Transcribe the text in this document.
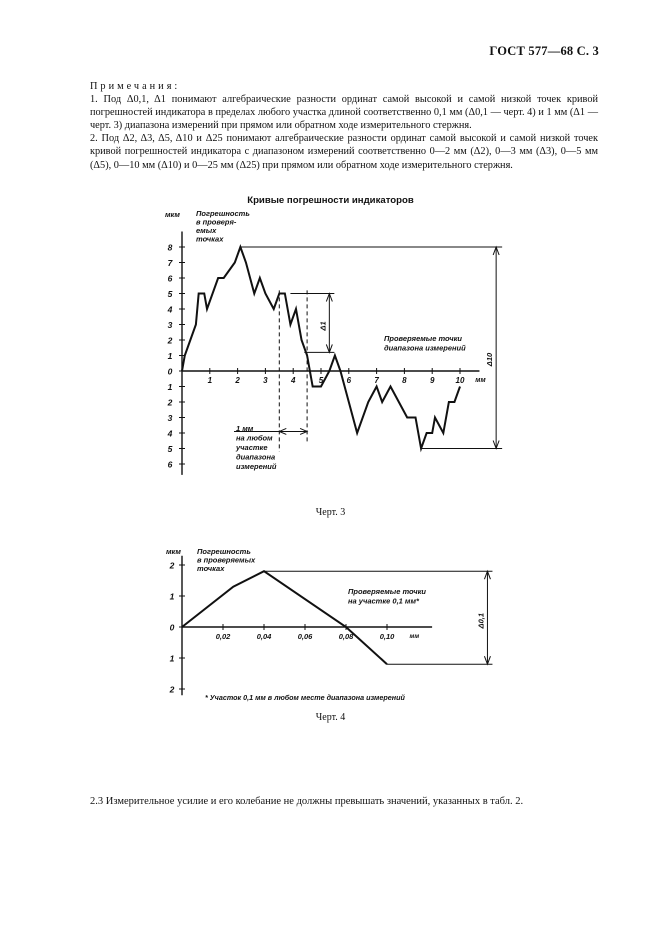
ГОСТ 577—68 С. 3

Примечания:

1. Под Δ0,1, Δ1 понимают алгебраические разности ординат самой высокой и самой низкой точек кривой погрешностей индикатора в пределах любого участка длиной соответственно 0,1 мм (Δ0,1 — черт. 4) и 1 мм (Δ1 — черт. 3) диапазона измерений при прямом или обратном ходе измерительного стержня.

2. Под Δ2, Δ3, Δ5, Δ10 и Δ25 понимают алгебраические разности ординат самой высокой и самой низкой точек кривой погрешностей индикатора с диапазоном измерений соответственно 0—2 мм (Δ2), 0—3 мм (Δ3), 0—5 мм (Δ5), 0—10 мм (Δ10) и 0—25 мм (Δ25) при прямом или обратном ходе измерительного стержня.

Кривые погрешности индикаторов
8
7
6
5
4
3
2
1
0
1
2
3
4
5
6
1	2	3	4	5	6	7	8	9	10 мм
мкм Погрешность
в проверя-
емых
точках
Δ10
1 мм
на любом
участке
диапазона
измерений
Δ1
Проверяемые точки
диапазона измерений
2
1
0
1
2
0,02	0,04	0,06	0,08	0,10 мм
мкм Погрешность
в проверяемых
точках
Δ0,1
Проверяемые точки
на участке 0,1 мм*
* Участок 0,1 мм в любом месте диапазона измерений
Черт. 3
Черт. 4
2.3 Измерительное усилие и его колебание не должны превышать значений, указанных в табл. 2.
